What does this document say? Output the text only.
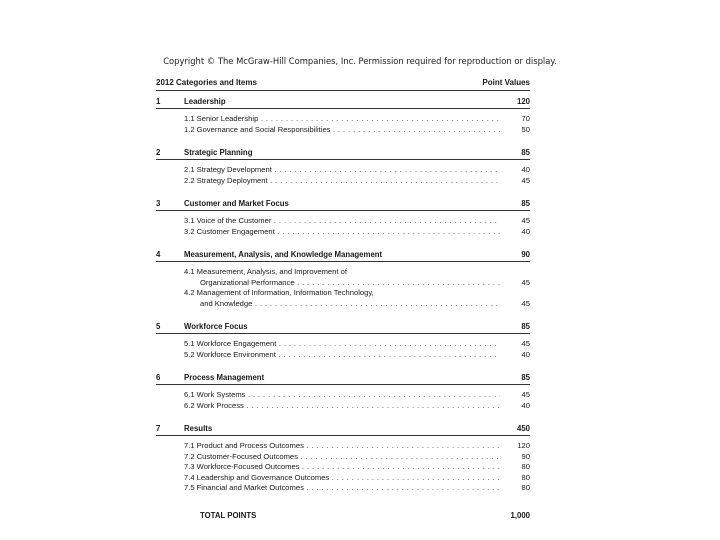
Copyright © The McGraw-Hill Companies, Inc. Permission required for reproduction or display.
2012 Categories and Items	Point Values
1	Leadership	120
1.1 Senior Leadership . . .	70
1.2 Governance and Social Responsibilities . . .	50
2	Strategic Planning	85
2.1 Strategy Development . . .	40
2.2 Strategy Deployment . . .	45
3	Customer and Market Focus	85
3.1 Voice of the Customer . . .	45
3.2 Customer Engagement . . .	40
4	Measurement, Analysis, and Knowledge Management	90
4.1 Measurement, Analysis, and Improvement of
Organizational Performance . . .	45
4.2 Management of Information, Information Technology,
and Knowledge . . .	45
5	Workforce Focus	85
5.1 Workforce Engagement . . .	45
5.2 Workforce Environment . . .	40
6	Process Management	85
6.1 Work Systems . . .	45
6.2 Work Process . . .	40
7	Results	450
7.1 Product and Process Outcomes . . .	120
7.2 Customer-Focused Outcomes . . .	90
7.3 Workforce-Focused Outcomes . . .	80
7.4 Leadership and Governance Outcomes . . .	80
7.5 Financial and Market Outcomes . . .	80
TOTAL POINTS	1,000
